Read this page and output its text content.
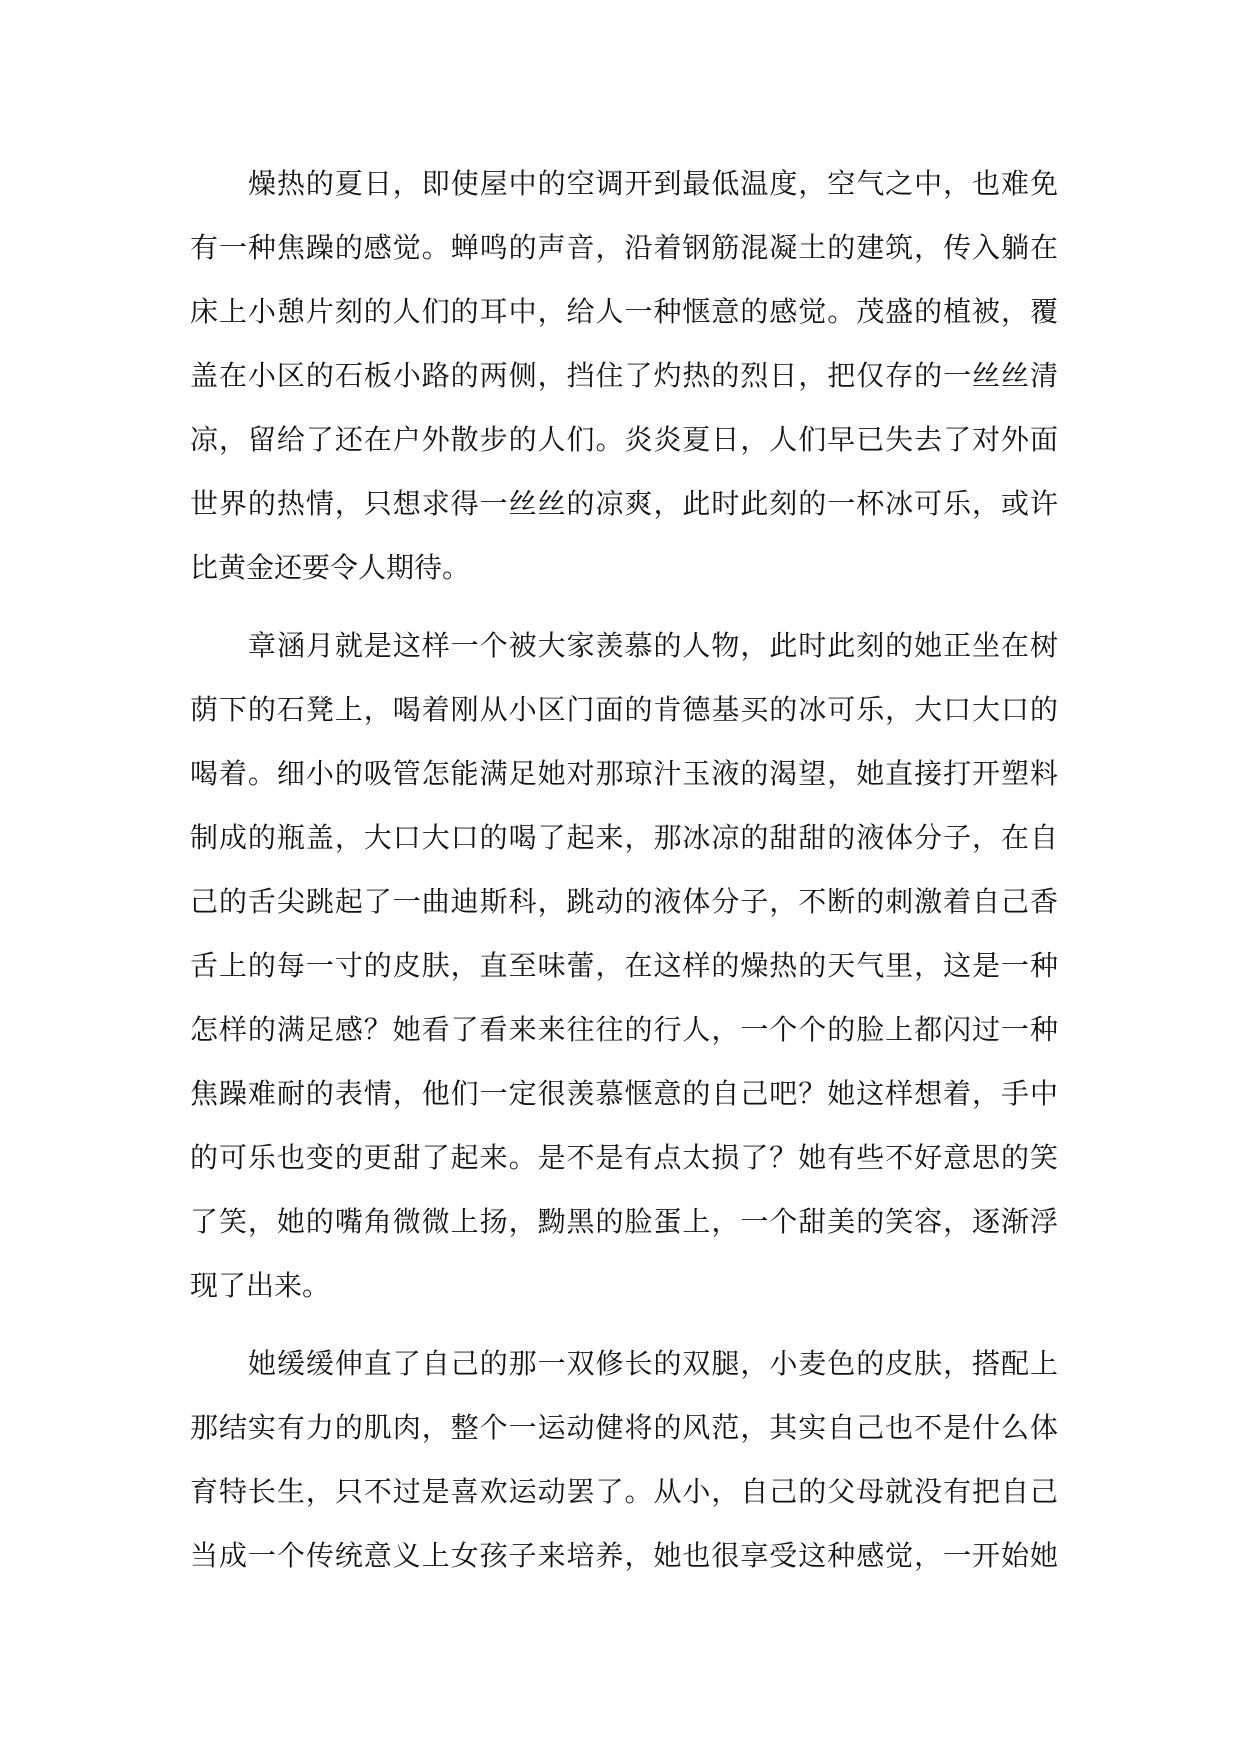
燥热的夏日，即使屋中的空调开到最低温度，空气之中，也难免
有一种焦躁的感觉。蝉鸣的声音，沿着钢筋混凝土的建筑，传入躺在
床上小憩片刻的人们的耳中，给人一种惬意的感觉。茂盛的植被，覆
盖在小区的石板小路的两侧，挡住了灼热的烈日，把仅存的一丝丝清
凉，留给了还在户外散步的人们。炎炎夏日，人们早已失去了对外面
世界的热情，只想求得一丝丝的凉爽，此时此刻的一杯冰可乐，或许
比黄金还要令人期待。
章涵月就是这样一个被大家羡慕的人物，此时此刻的她正坐在树
荫下的石凳上，喝着刚从小区门面的肯德基买的冰可乐，大口大口的
喝着。细小的吸管怎能满足她对那琼汁玉液的渴望，她直接打开塑料
制成的瓶盖，大口大口的喝了起来，那冰凉的甜甜的液体分子，在自
己的舌尖跳起了一曲迪斯科，跳动的液体分子，不断的刺激着自己香
舌上的每一寸的皮肤，直至味蕾，在这样的燥热的天气里，这是一种
怎样的满足感？她看了看来来往往的行人，一个个的脸上都闪过一种
焦躁难耐的表情，他们一定很羡慕惬意的自己吧？她这样想着，手中
的可乐也变的更甜了起来。是不是有点太损了？她有些不好意思的笑
了笑，她的嘴角微微上扬，黝黑的脸蛋上，一个甜美的笑容，逐渐浮
现了出来。
她缓缓伸直了自己的那一双修长的双腿，小麦色的皮肤，搭配上
那结实有力的肌肉，整个一运动健将的风范，其实自己也不是什么体
育特长生，只不过是喜欢运动罢了。从小，自己的父母就没有把自己
当成一个传统意义上女孩子来培养，她也很享受这种感觉，一开始她
